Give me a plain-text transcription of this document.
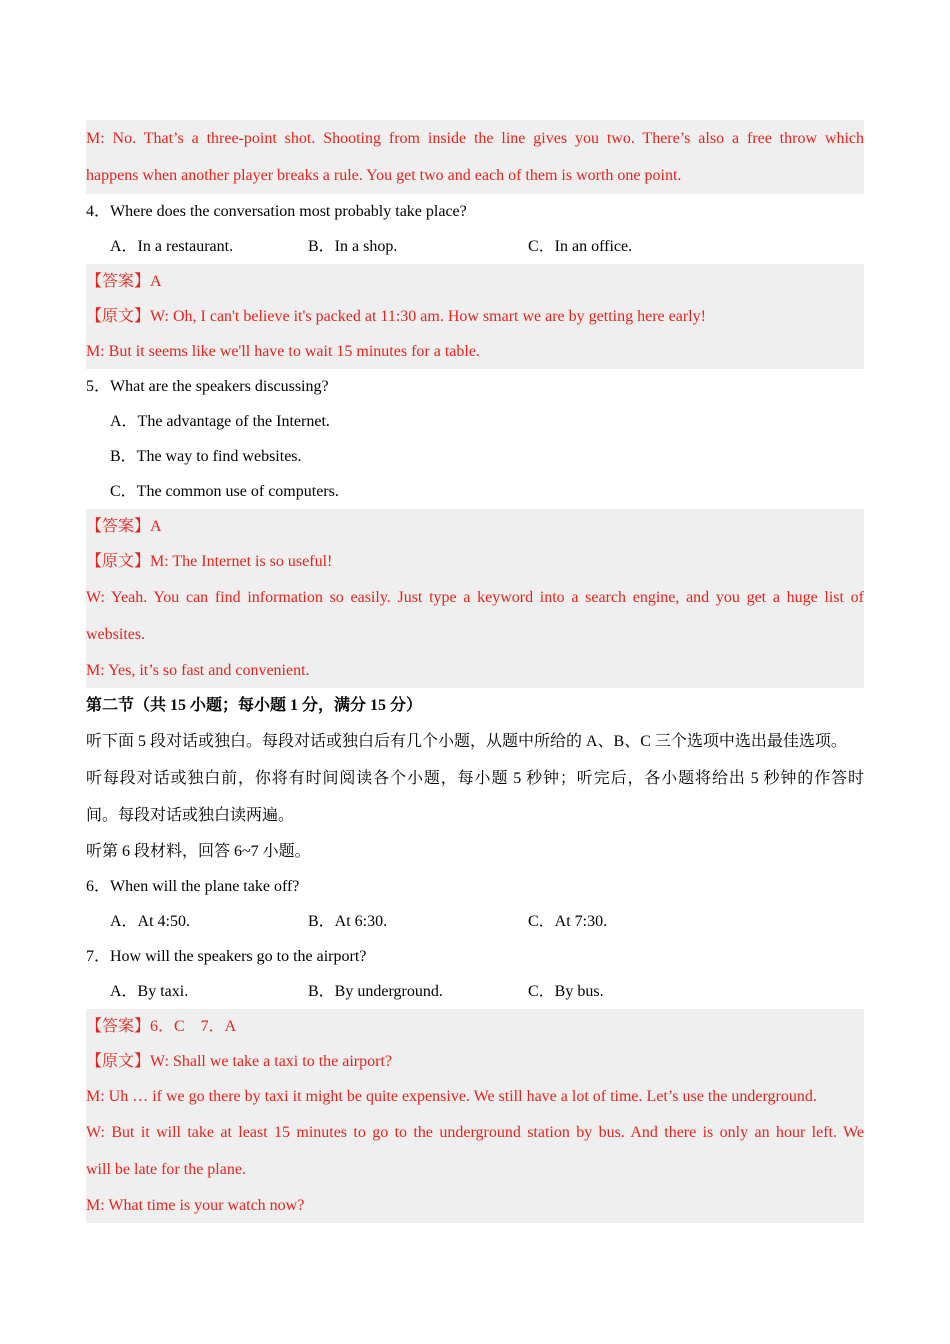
M: No. That’s a three-point shot. Shooting from inside the line gives you two. There’s also a free throw which
happens when another player breaks a rule. You get two and each of them is worth one point.
4．Where does the conversation most probably take place?
A．In a restaurant.	B．In a shop.	C．In an office.
【答案】A
【原文】W: Oh, I can't believe it's packed at 11:30 am. How smart we are by getting here early!
M: But it seems like we'll have to wait 15 minutes for a table.
5．What are the speakers discussing?
A．The advantage of the Internet.
B．The way to find websites.
C．The common use of computers.
【答案】A
【原文】M: The Internet is so useful!
W: Yeah. You can find information so easily. Just type a keyword into a search engine, and you get a huge list of
websites.
M: Yes, it’s so fast and convenient.
第二节（共 15 小题；每小题 1 分，满分 15 分）
听下面 5 段对话或独白。每段对话或独白后有几个小题，从题中所给的 A、B、C 三个选项中选出最佳选项。
听每段对话或独白前，你将有时间阅读各个小题，每小题 5 秒钟；听完后，各小题将给出 5 秒钟的作答时
间。每段对话或独白读两遍。
听第 6 段材料，回答 6~7 小题。
6．When will the plane take off?
A．At 4:50.	B．At 6:30.	C．At 7:30.
7．How will the speakers go to the airport?
A．By taxi.	B．By underground.	C．By bus.
【答案】6．C　7．A
【原文】W: Shall we take a taxi to the airport?
M: Uh … if we go there by taxi it might be quite expensive. We still have a lot of time. Let’s use the underground.
W: But it will take at least 15 minutes to go to the underground station by bus. And there is only an hour left. We
will be late for the plane.
M: What time is your watch now?
